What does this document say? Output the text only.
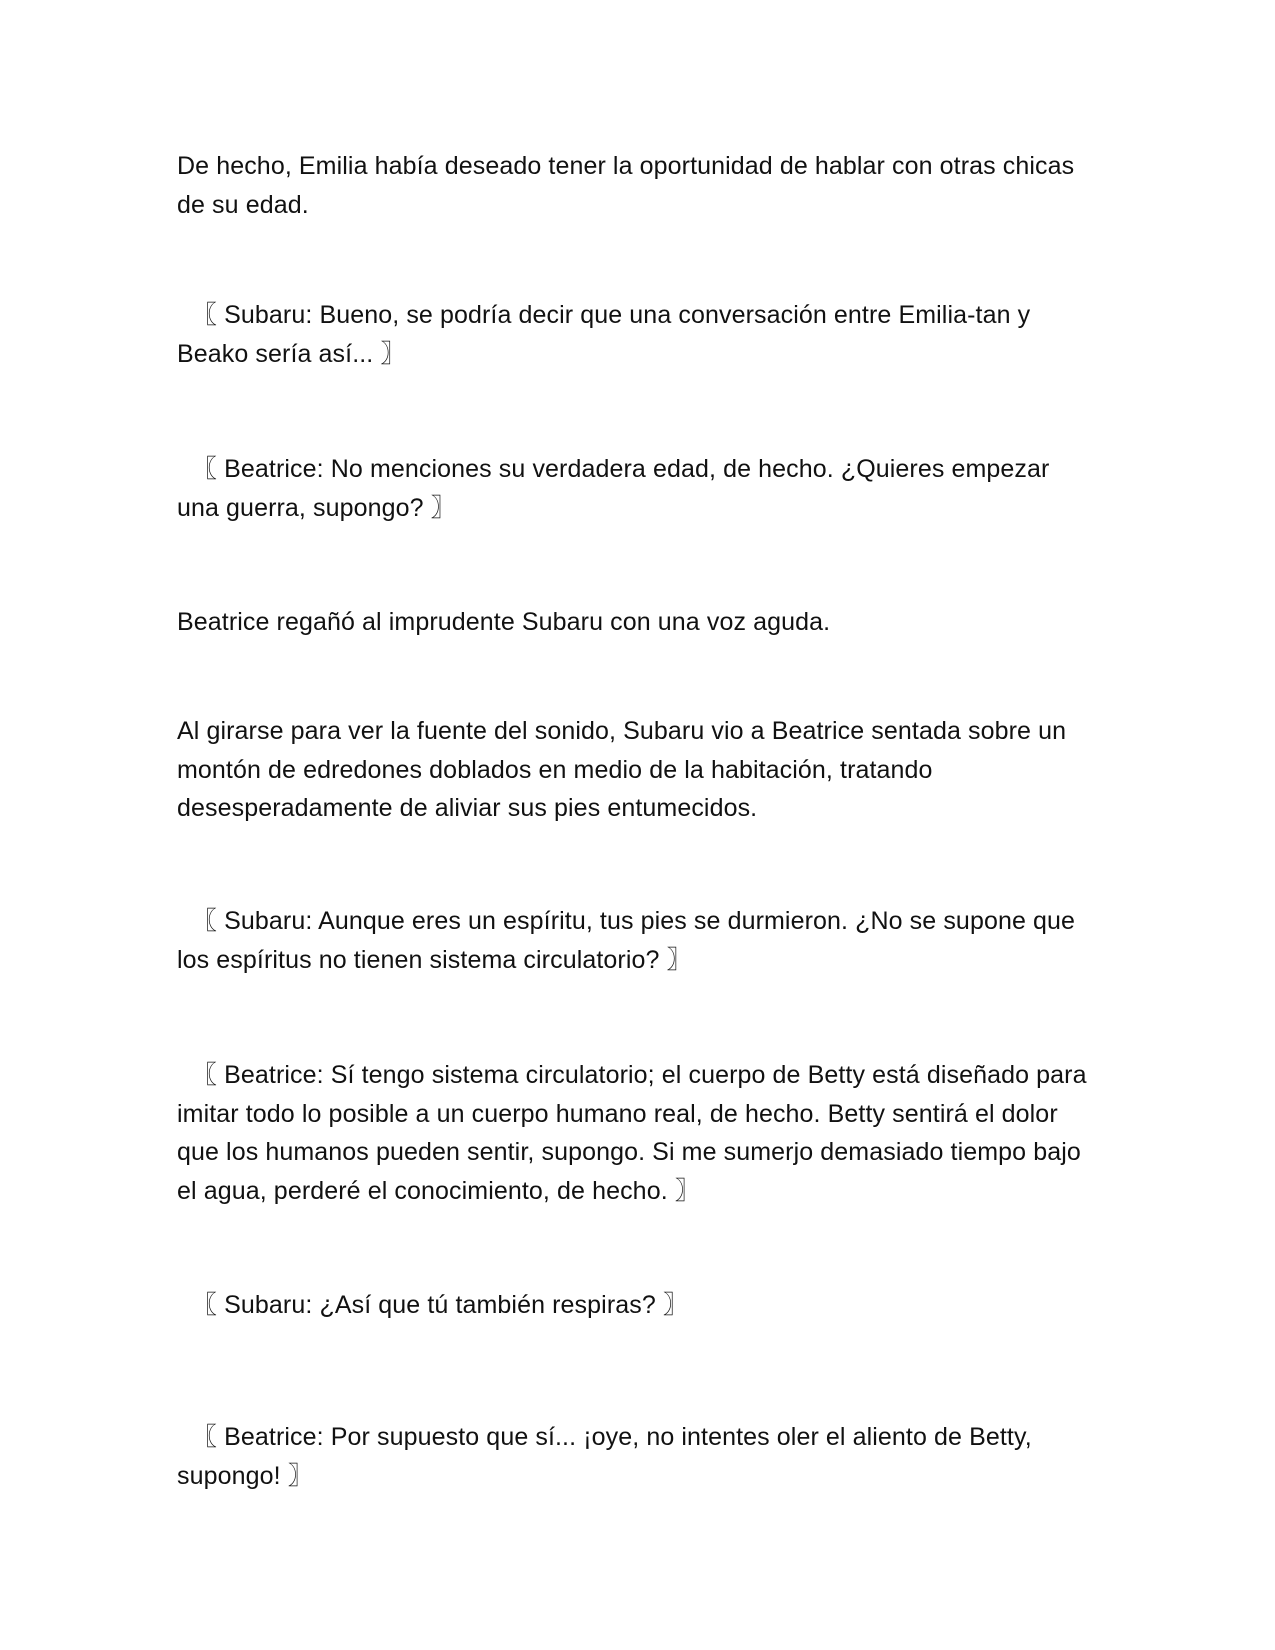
De hecho, Emilia había deseado tener la oportunidad de hablar con otras chicas de su edad.

〖 Subaru: Bueno, se podría decir que una conversación entre Emilia-tan y Beako sería así... 〗

〖 Beatrice: No menciones su verdadera edad, de hecho. ¿Quieres empezar una guerra, supongo? 〗

Beatrice regañó al imprudente Subaru con una voz aguda.

Al girarse para ver la fuente del sonido, Subaru vio a Beatrice sentada sobre un montón de edredones doblados en medio de la habitación, tratando desesperadamente de aliviar sus pies entumecidos.

〖 Subaru: Aunque eres un espíritu, tus pies se durmieron. ¿No se supone que los espíritus no tienen sistema circulatorio? 〗

〖 Beatrice: Sí tengo sistema circulatorio; el cuerpo de Betty está diseñado para imitar todo lo posible a un cuerpo humano real, de hecho. Betty sentirá el dolor que los humanos pueden sentir, supongo. Si me sumerjo demasiado tiempo bajo el agua, perderé el conocimiento, de hecho. 〗

〖 Subaru: ¿Así que tú también respiras? 〗

〖 Beatrice: Por supuesto que sí... ¡oye, no intentes oler el aliento de Betty, supongo! 〗
